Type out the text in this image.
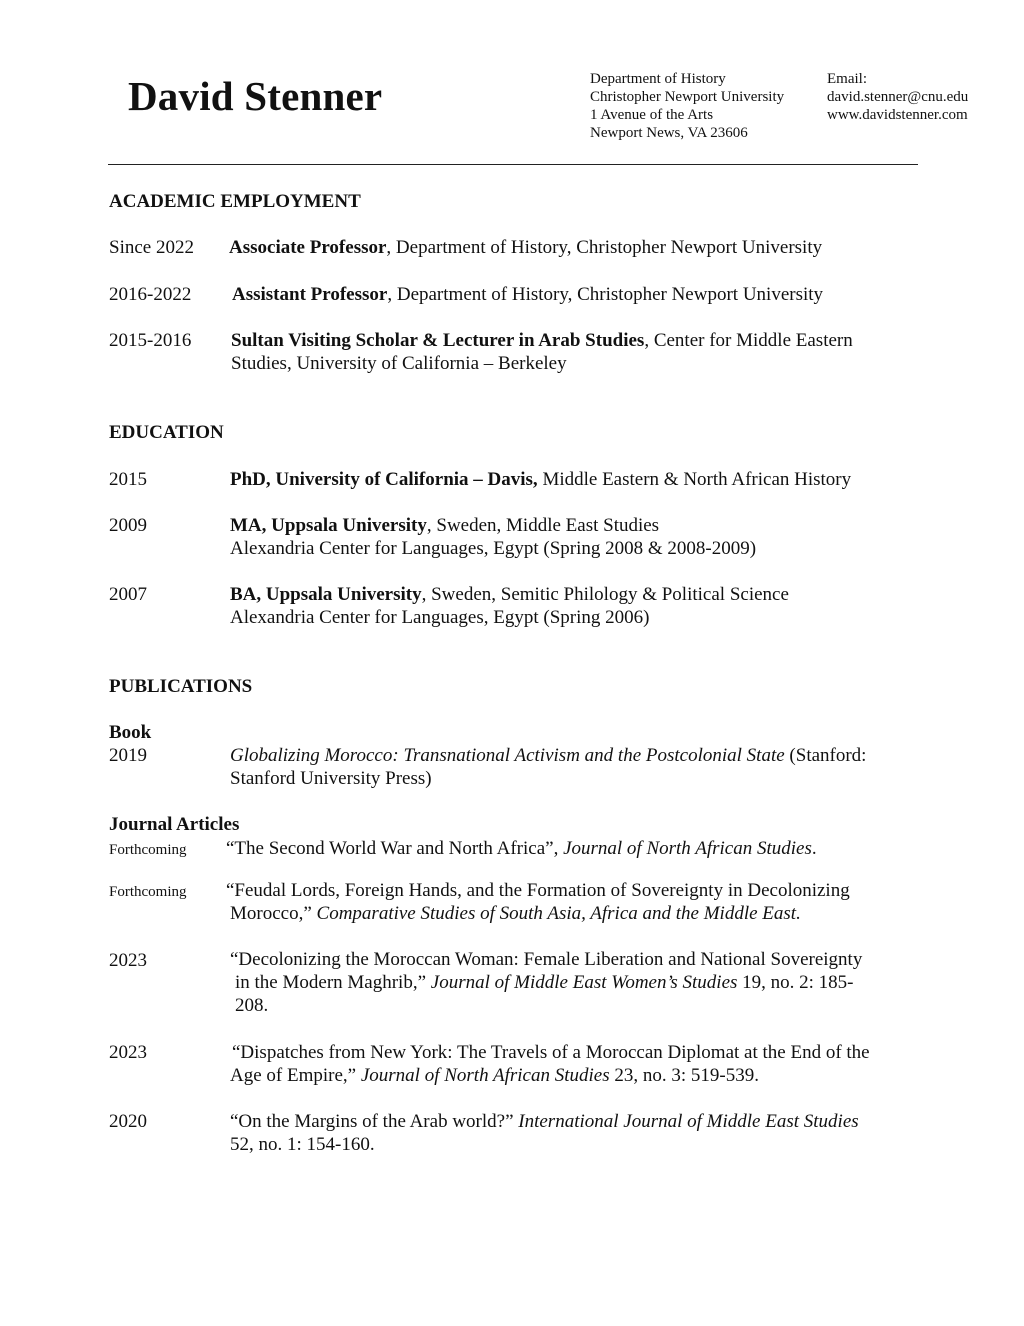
David Stenner	Department of History
Christopher Newport University
1 Avenue of the Arts
Newport News, VA 23606
Email:
david.stenner@cnu.edu
www.davidstenner.com
ACADEMIC EMPLOYMENT
Since 2022 Associate Professor, Department of History, Christopher Newport University
2016-2022 Assistant Professor, Department of History, Christopher Newport University
2015-2016 Sultan Visiting Scholar & Lecturer in Arab Studies, Center for Middle Eastern
Studies, University of California – Berkeley
EDUCATION
2015	PhD, University of California – Davis, Middle Eastern & North African History
2009	MA, Uppsala University, Sweden, Middle East Studies
Alexandria Center for Languages, Egypt (Spring 2008 & 2008-2009)
2007	BA, Uppsala University, Sweden, Semitic Philology & Political Science
Alexandria Center for Languages, Egypt (Spring 2006)
PUBLICATIONS
Book
2019	Globalizing Morocco: Transnational Activism and the Postcolonial State (Stanford:
Stanford University Press)
Journal Articles
Forthcoming “The Second World War and North Africa”, Journal of North African Studies.
Forthcoming “Feudal Lords, Foreign Hands, and the Formation of Sovereignty in Decolonizing
Morocco,” Comparative Studies of South Asia, Africa and the Middle East.
2023	“Decolonizing the Moroccan Woman: Female Liberation and National Sovereignty
in the Modern Maghrib,” Journal of Middle East Women’s Studies 19, no. 2: 185-
208.
2023	“Dispatches from New York: The Travels of a Moroccan Diplomat at the End of the
Age of Empire,” Journal of North African Studies 23, no. 3: 519-539.
2020	“On the Margins of the Arab world?” International Journal of Middle East Studies
52, no. 1: 154-160.
